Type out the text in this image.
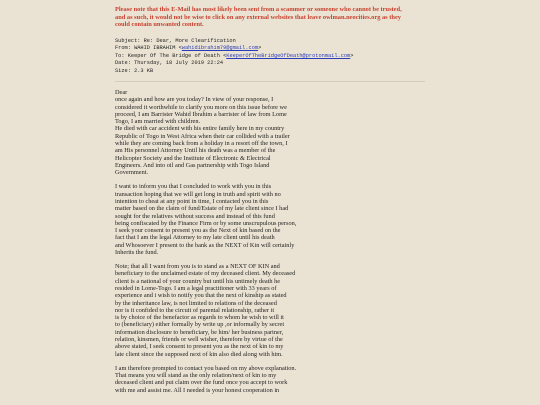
Please note that this E-Mail has most likely been sent from a scammer or someone who cannot be trusted,
and as such, it would not be wise to click on any external websites that leave owlman.neocities.org as they
could contain unwanted content.
Subject: Re: Dear, More Clearification
From: WAHID IBRAHIM <wahidibrahim79@gmail.com>
To: Keeper Of The Bridge of Death <KeeperOfTheBridgeOfDeath@protonmail.com>
Date: Thursday, 18 July 2019 22:24
Size: 2.3 KB
Dear
once again and how are you today? In view of your response, I
considered it worthwhile to clarify you more on this issue before we
proceed, I am Barrister Wahid Ibrahim a barrister of law from Lome
Togo, I am married with children.
He died with car accident with his entire family here in my country
Republic of Togo in West Africa when their car collided with a trailer
while they are coming back from a holiday in a resort off the town, I
am His personnel Attorney Until his death was a member of the
Helicopter Society and the Institute of Electronic & Electrical
Engineers. And into oil and Gas partnership with Togo Island
Government.
I want to inform you that I concluded to work with you in this
transaction hoping that we will get long in truth and spirit with no
intention to cheat at any point in time, I contacted you in this
matter based on the claim of fund/Estate of my late client since I had
sought for the relatives without success and instead of this fund
being confiscated by the Finance Firm or by some unscrupulous person,
I seek your consent to present you as the Next of kin based on the
fact that I am the legal Attorney to my late client until his death
and Whosoever I present to the bank as the NEXT of Kin will certainly
Inherits the fund.
Note; that all I want from you is to stand as a NEXT OF KIN and
beneficiary to the unclaimed estate of my deceased client. My deceased
client is a national of your country but until his untimely death he
resided in Lome-Togo. I am a legal practitioner with 33 years of
experience and i wish to notify you that the next of kinship as stated
by the inheritance law, is not limited to relations of the deceased
nor is it confided to the circuit of parental relationship, rather it
is by choice of the benefactor as regards to whom he wish to will it
to (beneficiary) either formally by write up ,or informally by secret
information disclosure to beneficiary, be him/ her business partner,
relation, kinsmen, friends or well wisher, therefore by virtue of the
above stated, I seek consent to present you as the next of kin to my
late client since the supposed next of kin also died along with him.
I am therefore prompted to contact you based on my above explanation.
That means you will stand as the only relation/next of kin to my
deceased client and put claim over the fund once you accept to work
with me and assist me. All I needed is your honest cooperation in
